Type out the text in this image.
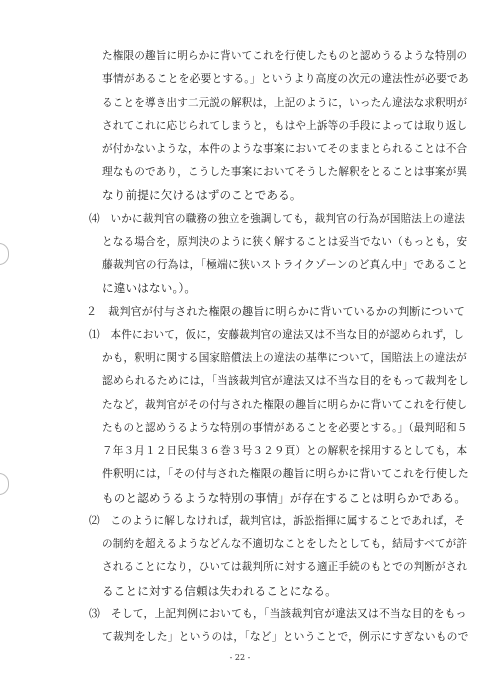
た権限の趣旨に明らかに背いてこれを行使したものと認めうるような特別の
事情があることを必要とする。」というより高度の次元の違法性が必要であ
ることを導き出す二元説の解釈は，上記のように，いったん違法な求釈明が
されてこれに応じられてしまうと，もはや上訴等の手段によっては取り返し
が付かないような，本件のような事案においてそのままとられることは不合
理なものであり，こうした事案においてそうした解釈をとることは事案が異
なり前提に欠けるはずのことである。
⑷　いかに裁判官の職務の独立を強調しても，裁判官の行為が国賠法上の違法
となる場合を，原判決のように狭く解することは妥当でない（もっとも，安
藤裁判官の行為は，「極端に狭いストライクゾーンのど真ん中」であること
に違いはない。）。
２　裁判官が付与された権限の趣旨に明らかに背いているかの判断について
⑴　本件において，仮に，安藤裁判官の違法又は不当な目的が認められず，し
かも，釈明に関する国家賠償法上の違法の基準について，国賠法上の違法が
認められるためには，「当該裁判官が違法又は不当な目的をもって裁判をし
たなど，裁判官がその付与された権限の趣旨に明らかに背いてこれを行使し
たものと認めうるような特別の事情があることを必要とする。」（最判昭和５
７年３月１２日民集３６巻３号３２９頁）との解釈を採用するとしても，本
件釈明には，「その付与された権限の趣旨に明らかに背いてこれを行使した
ものと認めうるような特別の事情」が存在することは明らかである。
⑵　このように解しなければ，裁判官は，訴訟指揮に属することであれば，そ
の制約を超えるようなどんな不適切なことをしたとしても，結局すべてが許
されることになり，ひいては裁判所に対する適正手続のもとでの判断がされ
ることに対する信頼は失われることになる。
⑶　そして，上記判例においても，「当該裁判官が違法又は不当な目的をもっ
て裁判をした」というのは，「など」ということで，例示にすぎないもので
- 22 -
